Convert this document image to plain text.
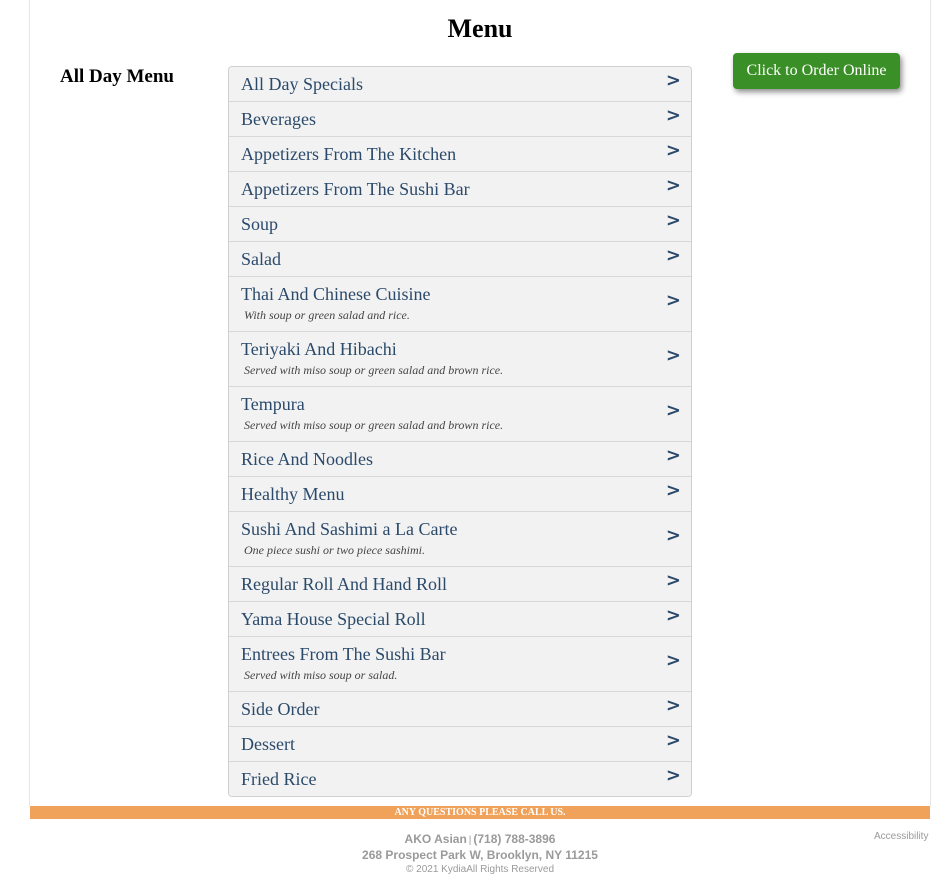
Menu
All Day Menu	Click to Order Online
All Day Specials	>
Beverages	>
Appetizers From The Kitchen	>
Appetizers From The Sushi Bar	>
Soup	>
Salad	>
Thai And Chinese Cuisine
With soup or green salad and rice.
>
Teriyaki And Hibachi
Served with miso soup or green salad and brown rice.
>
Tempura
Served with miso soup or green salad and brown rice.
>
Rice And Noodles	>
Healthy Menu	>
Sushi And Sashimi a La Carte
One piece sushi or two piece sashimi.
>
Regular Roll And Hand Roll	>
Yama House Special Roll	>
Entrees From The Sushi Bar
Served with miso soup or salad.
>
Side Order	>
Dessert	>
Fried Rice	>
ANY QUESTIONS PLEASE CALL US.
AKO Asian | (718) 788-3896
268 Prospect Park W, Brooklyn, NY 11215
© 2021 KydiaAll Rights Reserved
Accessibility
